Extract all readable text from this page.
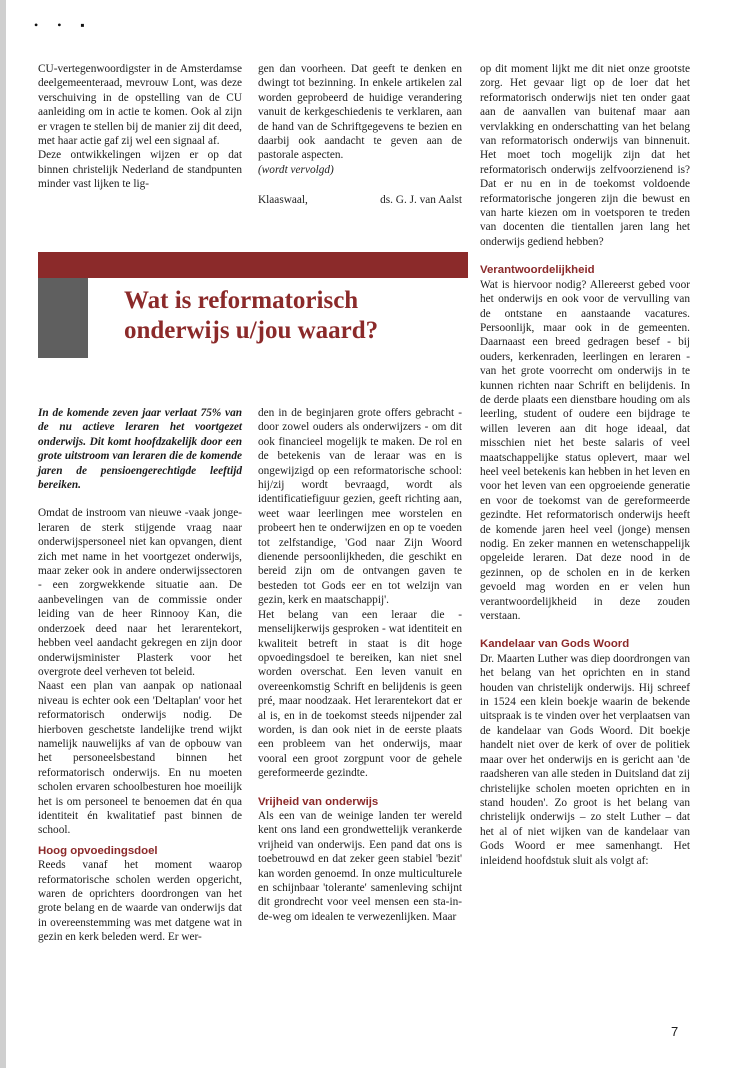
• • ▪

CU-vertegenwoordigster in de Amsterdamse deelgemeenteraad, mevrouw Lont, was deze verschuiving in de opstelling van de CU aanleiding om in actie te komen. Ook al zijn er vragen te stellen bij de manier zij dit deed, met haar actie gaf zij wel een signaal af.

Deze ontwikkelingen wijzen er op dat binnen christelijk Nederland de standpunten minder vast lijken te lig-

gen dan voorheen. Dat geeft te denken en dwingt tot bezinning. In enkele artikelen zal worden geprobeerd de huidige verandering vanuit de kerkgeschiedenis te verklaren, aan de hand van de Schriftgegevens te bezien en daarbij ook aandacht te geven aan de pastorale aspecten.

(wordt vervolgd)

Klaaswaal,	ds. G. J. van Aalst
Wat is reformatorisch onderwijs u/jou waard?

In de komende zeven jaar verlaat 75% van de nu actieve leraren het voortgezet onderwijs. Dit komt hoofdzakelijk door een grote uitstroom van leraren die de komende jaren de pensioengerechtigde leeftijd bereiken.

Omdat de instroom van nieuwe -vaak jonge- leraren de sterk stijgende vraag naar onderwijspersoneel niet kan opvangen, dient zich met name in het voortgezet onderwijs, maar zeker ook in andere onderwijssectoren - een zorgwekkende situatie aan. De aanbevelingen van de commissie onder leiding van de heer Rinnooy Kan, die onderzoek deed naar het lerarentekort, hebben veel aandacht gekregen en zijn door onderwijsminister Plasterk voor het overgrote deel verheven tot beleid.

Naast een plan van aanpak op nationaal niveau is echter ook een 'Deltaplan' voor het reformatorisch onderwijs nodig. De hierboven geschetste landelijke trend wijkt namelijk nauwelijks af van de opbouw van het personeelsbestand binnen het reformatorisch onderwijs. En nu moeten scholen ervaren schoolbesturen hoe moeilijk het is om personeel te benoemen dat én qua identiteit én kwalitatief past binnen de school.

Hoog opvoedingsdoel

Reeds vanaf het moment waarop reformatorische scholen werden opgericht, waren de oprichters doordrongen van het grote belang en de waarde van onderwijs dat in overeenstemming was met datgene wat in gezin en kerk beleden werd. Er wer-

den in de beginjaren grote offers gebracht - door zowel ouders als onderwijzers - om dit ook financieel mogelijk te maken. De rol en de betekenis van de leraar was en is ongewijzigd op een reformatorische school: hij/zij wordt bevraagd, wordt als identificatiefiguur gezien, geeft richting aan, weet waar leerlingen mee worstelen en probeert hen te onderwijzen en op te voeden tot zelfstandige, 'God naar Zijn Woord dienende persoonlijkheden, die geschikt en bereid zijn om de ontvangen gaven te besteden tot Gods eer en tot welzijn van gezin, kerk en maatschappij'.

Het belang van een leraar die - menselijkerwijs gesproken - wat identiteit en kwaliteit betreft in staat is dit hoge opvoedingsdoel te bereiken, kan niet snel worden overschat. Een leven vanuit en overeenkomstig Schrift en belijdenis is geen pré, maar noodzaak. Het lerarentekort dat er al is, en in de toekomst steeds nijpender zal worden, is dan ook niet in de eerste plaats een probleem van het onderwijs, maar vooral een groot zorgpunt voor de gehele gereformeerde gezindte.

Vrijheid van onderwijs

Als een van de weinige landen ter wereld kent ons land een grondwettelijk verankerde vrijheid van onderwijs. Een pand dat ons is toebetrouwd en dat zeker geen stabiel 'bezit' kan worden genoemd. In onze multiculturele en schijnbaar 'tolerante' samenleving schijnt dit grondrecht voor veel mensen een sta-in-de-weg om idealen te verwezenlijken. Maar

op dit moment lijkt me dit niet onze grootste zorg. Het gevaar ligt op de loer dat het reformatorisch onderwijs niet ten onder gaat aan de aanvallen van buitenaf maar aan vervlakking en onderschatting van het belang van reformatorisch onderwijs van binnenuit. Het moet toch mogelijk zijn dat het reformatorisch onderwijs zelfvoorzienend is? Dat er nu en in de toekomst voldoende reformatorische jongeren zijn die bewust en van harte kiezen om in voetsporen te treden van docenten die tientallen jaren lang het onderwijs gediend hebben?

Verantwoordelijkheid

Wat is hiervoor nodig? Allereerst gebed voor het onderwijs en ook voor de vervulling van de ontstane en aanstaande vacatures. Persoonlijk, maar ook in de gemeenten. Daarnaast een breed gedragen besef - bij ouders, kerkenraden, leerlingen en leraren - van het grote voorrecht om onderwijs in te kunnen richten naar Schrift en belijdenis. In de derde plaats een dienstbare houding om als leerling, student of oudere een bijdrage te willen leveren aan dit hoge ideaal, dat misschien niet het beste salaris of veel maatschappelijke status oplevert, maar wel heel veel betekenis kan hebben in het leven en voor het leven van een opgroeiende generatie en voor de toekomst van de gereformeerde gezindte. Het reformatorisch onderwijs heeft de komende jaren heel veel (jonge) mensen nodig. En zeker mannen en wetenschappelijk opgeleide leraren. Dat deze nood in de gezinnen, op de scholen en in de kerken gevoeld mag worden en er velen hun verantwoordelijkheid in deze zouden verstaan.

Kandelaar van Gods Woord

Dr. Maarten Luther was diep doordrongen van het belang van het oprichten en in stand houden van christelijk onderwijs. Hij schreef in 1524 een klein boekje waarin de bekende uitspraak is te vinden over het verplaatsen van de kandelaar van Gods Woord. Dit boekje handelt niet over de kerk of over de politiek maar over het onderwijs en is gericht aan 'de raadsheren van alle steden in Duitsland dat zij christelijke scholen moeten oprichten en in stand houden'. Zo groot is het belang van christelijk onderwijs – zo stelt Luther – dat het al of niet wijken van de kandelaar van Gods Woord er mee samenhangt. Het inleidend hoofdstuk sluit als volgt af:

7
